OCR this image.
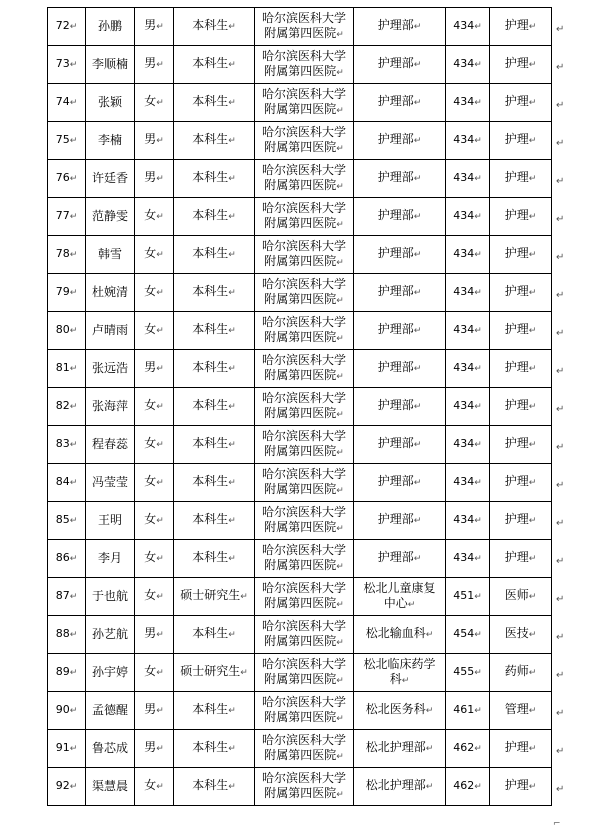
72↵	孙鹏	男↵	本科生↵	哈尔滨医科大学
附属第四医院↵	护理部↵	434↵	护理↵
73↵	李顺楠	男↵	本科生↵	哈尔滨医科大学
附属第四医院↵	护理部↵	434↵	护理↵
74↵	张颖	女↵	本科生↵	哈尔滨医科大学
附属第四医院↵	护理部↵	434↵	护理↵
75↵	李楠	男↵	本科生↵	哈尔滨医科大学
附属第四医院↵	护理部↵	434↵	护理↵
76↵	许廷香	男↵	本科生↵	哈尔滨医科大学
附属第四医院↵	护理部↵	434↵	护理↵
77↵	范静雯	女↵	本科生↵	哈尔滨医科大学
附属第四医院↵	护理部↵	434↵	护理↵
78↵	韩雪	女↵	本科生↵	哈尔滨医科大学
附属第四医院↵	护理部↵	434↵	护理↵
79↵	杜婉清	女↵	本科生↵	哈尔滨医科大学
附属第四医院↵	护理部↵	434↵	护理↵
80↵	卢晴雨	女↵	本科生↵	哈尔滨医科大学
附属第四医院↵	护理部↵	434↵	护理↵
81↵	张远浩	男↵	本科生↵	哈尔滨医科大学
附属第四医院↵	护理部↵	434↵	护理↵
82↵	张海萍	女↵	本科生↵	哈尔滨医科大学
附属第四医院↵	护理部↵	434↵	护理↵
83↵	程春蕊	女↵	本科生↵	哈尔滨医科大学
附属第四医院↵	护理部↵	434↵	护理↵
84↵	冯莹莹	女↵	本科生↵	哈尔滨医科大学
附属第四医院↵	护理部↵	434↵	护理↵
85↵	王明	女↵	本科生↵	哈尔滨医科大学
附属第四医院↵	护理部↵	434↵	护理↵
86↵	李月	女↵	本科生↵	哈尔滨医科大学
附属第四医院↵	护理部↵	434↵	护理↵
87↵	于也航	女↵	硕士研究生↵	哈尔滨医科大学
附属第四医院↵	松北儿童康复
中心↵	451↵	医师↵
88↵	孙艺航	男↵	本科生↵	哈尔滨医科大学
附属第四医院↵	松北输血科↵	454↵	医技↵
89↵	孙宇婷	女↵	硕士研究生↵	哈尔滨医科大学
附属第四医院↵	松北临床药学
科↵	455↵	药师↵
90↵	孟德醒	男↵	本科生↵	哈尔滨医科大学
附属第四医院↵	松北医务科↵	461↵	管理↵
91↵	鲁芯成	男↵	本科生↵	哈尔滨医科大学
附属第四医院↵	松北护理部↵	462↵	护理↵
92↵	渠慧晨	女↵	本科生↵	哈尔滨医科大学
附属第四医院↵	松北护理部↵	462↵	护理↵
↵
↵
↵
↵
↵
↵
↵
↵
↵
↵
↵
↵
↵
↵
↵
↵
↵
↵
↵
↵
↵
⌐
